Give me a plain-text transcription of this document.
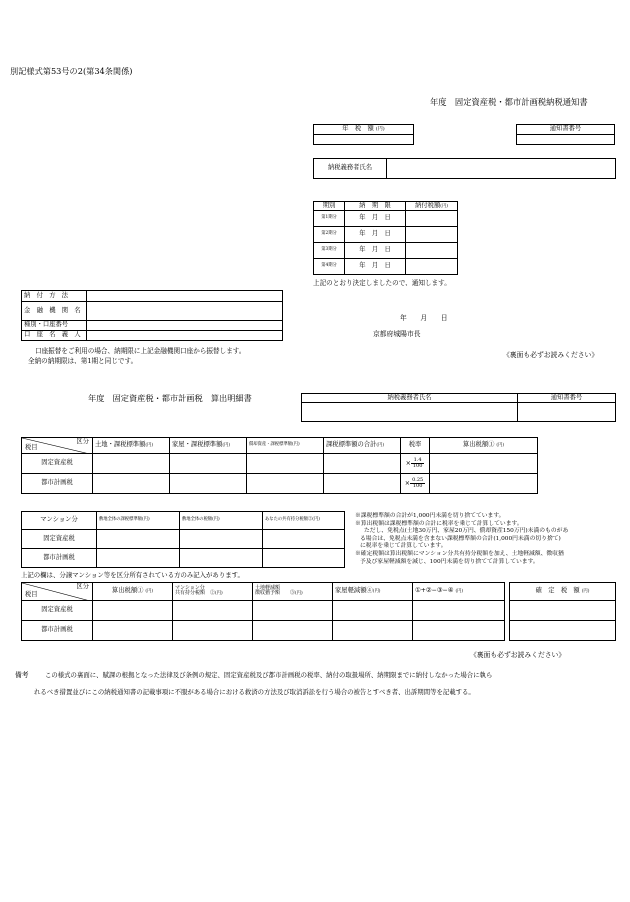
別記様式第53号の2(第34条関係)
年度　固定資産税・都市計画税納税通知書
年　税　額 (円)	通知書番号

納税義務者氏名	
期別	納　期　限	納付税額(円)
第1期分	年　月　日	
第2期分	年　月　日	
第3期分	年　月　日	
第4期分	年　月　日	
上記のとおり決定しましたので、通知します。
納　付　方　法	
金　融　機　関　名	
種別・口座番号	
口　座　名　義　人	
年　　月　　日
京都府城陽市長
口座振替をご利用の場合、納期限に上記金融機関口座から振替します。
全納の納期限は、第1期と同じです。
《裏面も必ずお読みください》
年度　固定資産税・都市計画税　算出明細書	納税義務者氏名	通知書番号

区分
税目	土地・課税標準額(円)	家屋・課税標準額(円)	償却資産・課税標準額(円)	課税標準額の合計(円)	税率	算出税額① (円)
固定資産税					× $\frac{1.4}{100}$

都市計画税					× $\frac{0.25}{100}$

マンション分	敷地全体の課税標準額(円)	敷地全体の税額(円)	あなたの共有持分税額②(円)
固定資産税			
都市計画税			
※課税標準額の合計が1,000円未満を切り捨てています。
※算出税額は課税標準額の合計に税率を乗じて計算しています。
ただし、免税点(土地30万円、家屋20万円、償却資産150万円)未満のものがあ
る場合は、免税点未満を含まない課税標準額の合計(1,000円未満の切り捨て)
に税率を乗じて計算しています。
※確定税額は算出税額にマンション分共有持分税額を加え、土地軽減額、徴収猶
予及び家屋軽減額を減じ、100円未満を切り捨てて計算しています。
上記の欄は、分譲マンション等を区分所有されている方のみ記入があります。
区分
税目	算出税額① (円)	マンション分
共有持分税額　②(円)	土地軽減額
徴収猶予額　　③(円)	家屋軽減額④(円)	①+②−③−④ (円)
固定資産税					
都市計画税					
確　定　税　額 (円)

《裏面も必ずお読みください》
備考	この様式の裏面に、賦課の根拠となった法律及び条例の規定、固定資産税及び都市計画税の税率、納付の取扱場所、納期限までに納付しなかった場合に執ら
れるべき措置並びにこの納税通知書の記載事項に不服がある場合における救済の方法及び取消訴訟を行う場合の被告とすべき者、出訴期間等を記載する。
